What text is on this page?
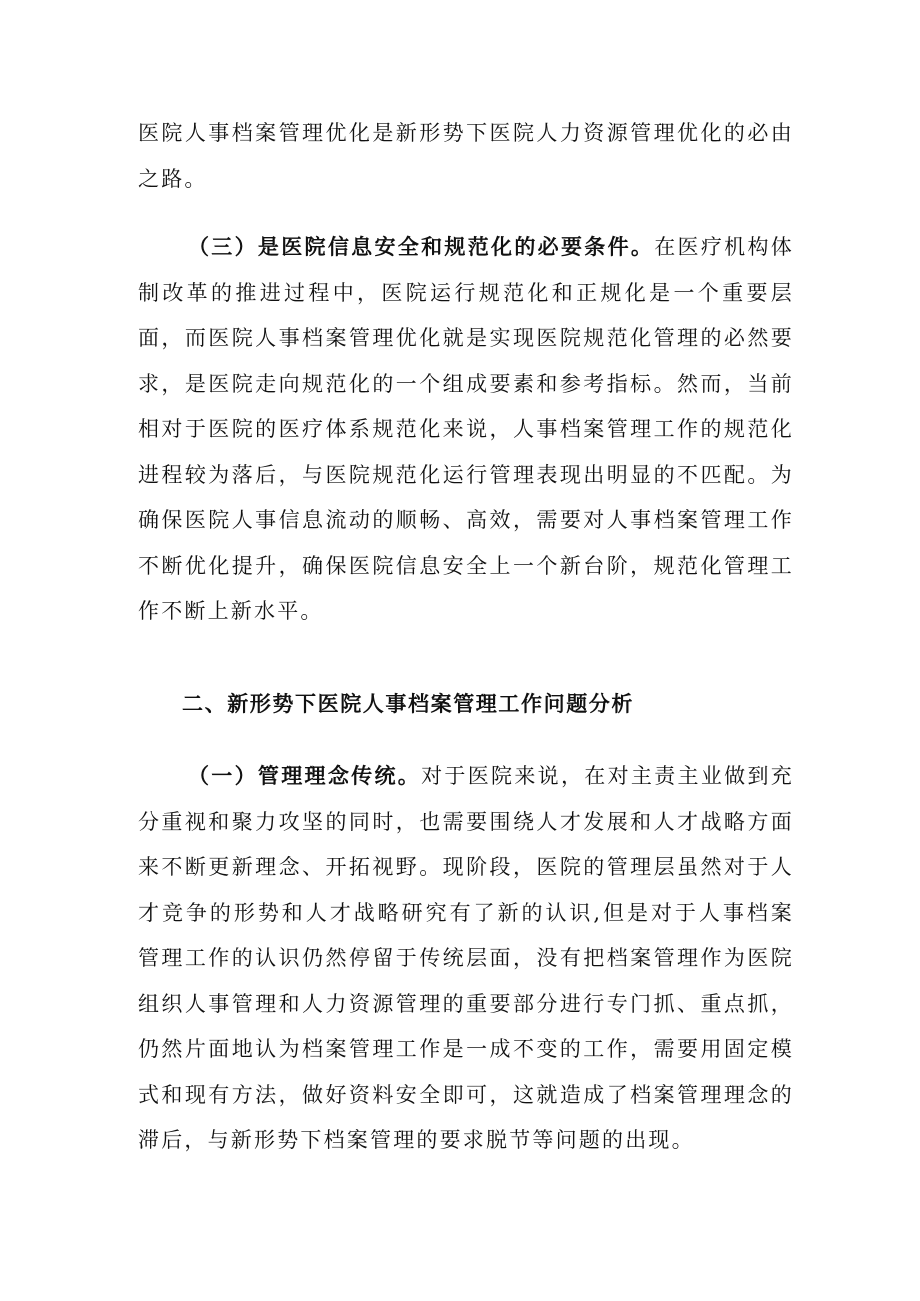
医院人事档案管理优化是新形势下医院人力资源管理优化的必由之路。

（三）是医院信息安全和规范化的必要条件。在医疗机构体制改革的推进过程中，医院运行规范化和正规化是一个重要层面，而医院人事档案管理优化就是实现医院规范化管理的必然要求，是医院走向规范化的一个组成要素和参考指标。然而，当前相对于医院的医疗体系规范化来说，人事档案管理工作的规范化进程较为落后，与医院规范化运行管理表现出明显的不匹配。为确保医院人事信息流动的顺畅、高效，需要对人事档案管理工作不断优化提升，确保医院信息安全上一个新台阶，规范化管理工作不断上新水平。

二、新形势下医院人事档案管理工作问题分析

（一）管理理念传统。对于医院来说，在对主责主业做到充分重视和聚力攻坚的同时，也需要围绕人才发展和人才战略方面来不断更新理念、开拓视野。现阶段，医院的管理层虽然对于人才竞争的形势和人才战略研究有了新的认识,但是对于人事档案管理工作的认识仍然停留于传统层面，没有把档案管理作为医院组织人事管理和人力资源管理的重要部分进行专门抓、重点抓，仍然片面地认为档案管理工作是一成不变的工作，需要用固定模式和现有方法，做好资料安全即可，这就造成了档案管理理念的滞后，与新形势下档案管理的要求脱节等问题的出现。
